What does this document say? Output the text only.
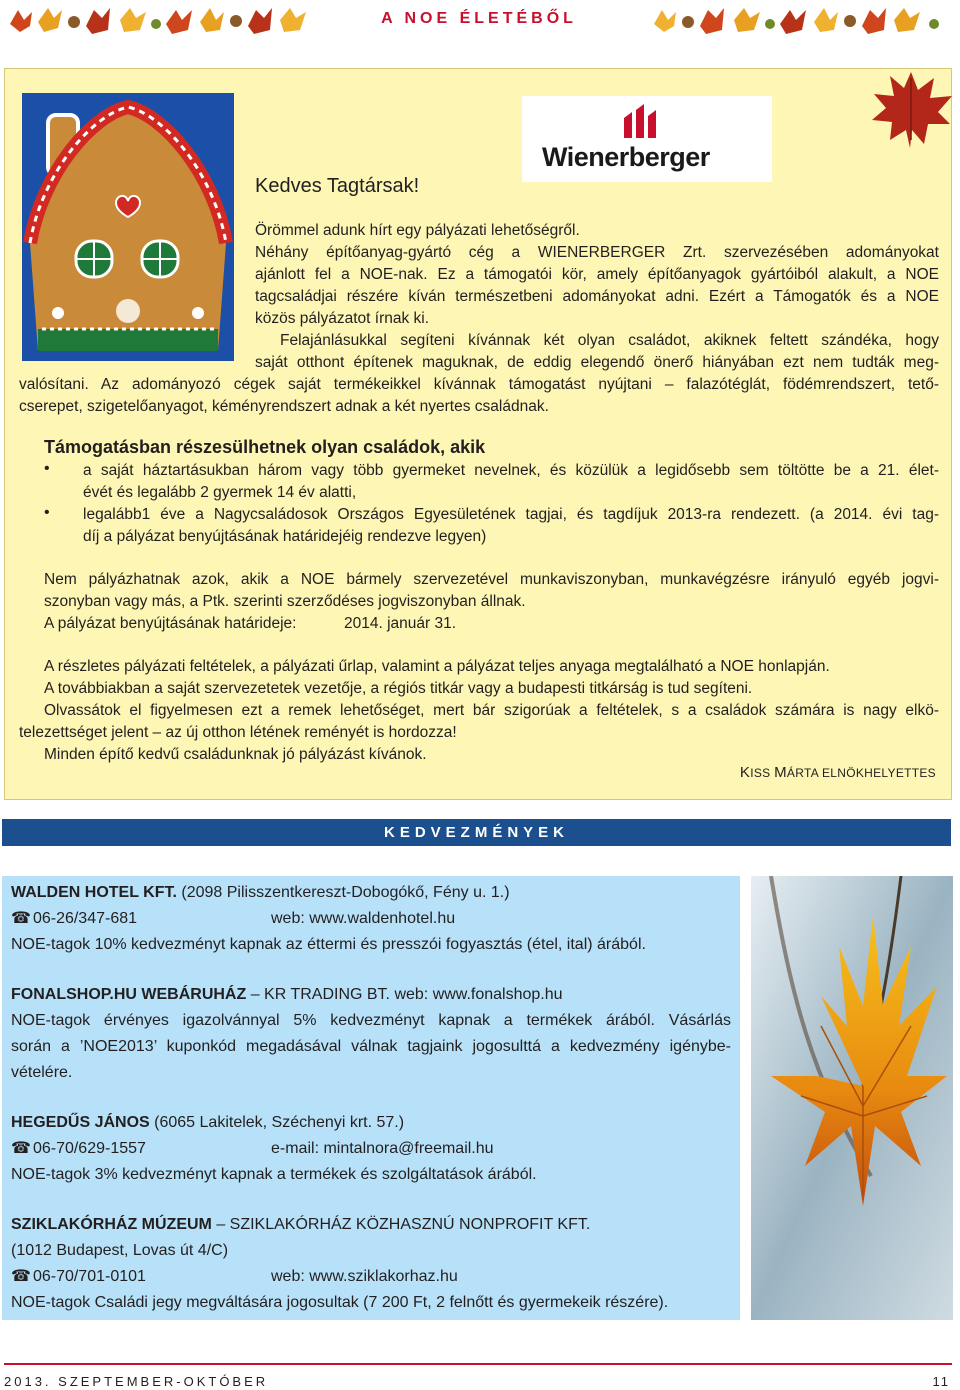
A NOE ÉLETÉBŐL
Wienerberger
Kedves Tagtársak!
Örömmel adunk hírt egy pályázati lehetőségről.
Néhány építőanyag-gyártó cég a WIENERBERGER Zrt. szervezésében adományokat
ajánlott fel a NOE-nak. Ez a támogatói kör, amely építőanyagok gyártóiból alakult, a NOE
tagcsaládjai részére kíván természetbeni adományokat adni. Ezért a Támogatók és a NOE
közös pályázatot írnak ki.
Felajánlásukkal segíteni kívánnak két olyan családot, akiknek feltett szándéka, hogy
saját otthont építenek maguknak, de eddig elegendő önerő hiányában ezt nem tudták meg-
valósítani. Az adományozó cégek saját termékeikkel kívánnak támogatást nyújtani – falazótéglát, födémrendszert, tető-
cserepet, szigetelőanyagot, kéményrendszert adnak a két nyertes családnak.
Támogatásban részesülhetnek olyan családok, akik
• a saját háztartásukban három vagy több gyermeket nevelnek, és közülük a legidősebb sem töltötte be a 21. élet-
évét és legalább 2 gyermek 14 év alatti,
• legalább1 éve a Nagycsaládosok Országos Egyesületének tagjai, és tagdíjuk 2013-ra rendezett. (a 2014. évi tag-
díj a pályázat benyújtásának határidejéig rendezve legyen)
Nem pályázhatnak azok, akik a NOE bármely szervezetével munkaviszonyban, munkavégzésre irányuló egyéb jogvi-
szonyban vagy más, a Ptk. szerinti szerződéses jogviszonyban állnak.
A pályázat benyújtásának határideje:	2014. január 31.
A részletes pályázati feltételek, a pályázati űrlap, valamint a pályázat teljes anyaga megtalálható a NOE honlapján.
A továbbiakban a saját szervezetetek vezetője, a régiós titkár vagy a budapesti titkárság is tud segíteni.
Olvassátok el figyelmesen ezt a remek lehetőséget, mert bár szigorúak a feltételek, s a családok számára is nagy elkö-
telezettséget jelent – az új otthon létének reményét is hordozza!
Minden építő kedvű családunknak jó pályázást kívánok.
KISS MÁRTA ELNÖKHELYETTES
KEDVEZMÉNYEK
WALDEN HOTEL KFT. (2098 Pilisszentkereszt-Dobogókő, Fény u. 1.)
☎ 06-26/347-681	web: www.waldenhotel.hu
NOE-tagok 10% kedvezményt kapnak az éttermi és presszói fogyasztás (étel, ital) árából.
FONALSHOP.HU WEBÁRUHÁZ – KR TRADING BT. web: www.fonalshop.hu
NOE-tagok érvényes igazolvánnyal 5% kedvezményt kapnak a termékek árából. Vásárlás
során a ’NOE2013’ kuponkód megadásával válnak tagjaink jogosulttá a kedvezmény igénybe-
vételére.
HEGEDŰS JÁNOS (6065 Lakitelek, Széchenyi krt. 57.)
☎ 06-70/629-1557	e-mail: mintalnora@freemail.hu
NOE-tagok 3% kedvezményt kapnak a termékek és szolgáltatások árából.
SZIKLAKÓRHÁZ MÚZEUM – SZIKLAKÓRHÁZ KÖZHASZNÚ NONPROFIT KFT.
(1012 Budapest, Lovas út 4/C)
☎ 06-70/701-0101	web: www.sziklakorhaz.hu
NOE-tagok Családi jegy megváltására jogosultak (7 200 Ft, 2 felnőtt és gyermekeik részére).
2013. SZEPTEMBER-OKTÓBER	11
